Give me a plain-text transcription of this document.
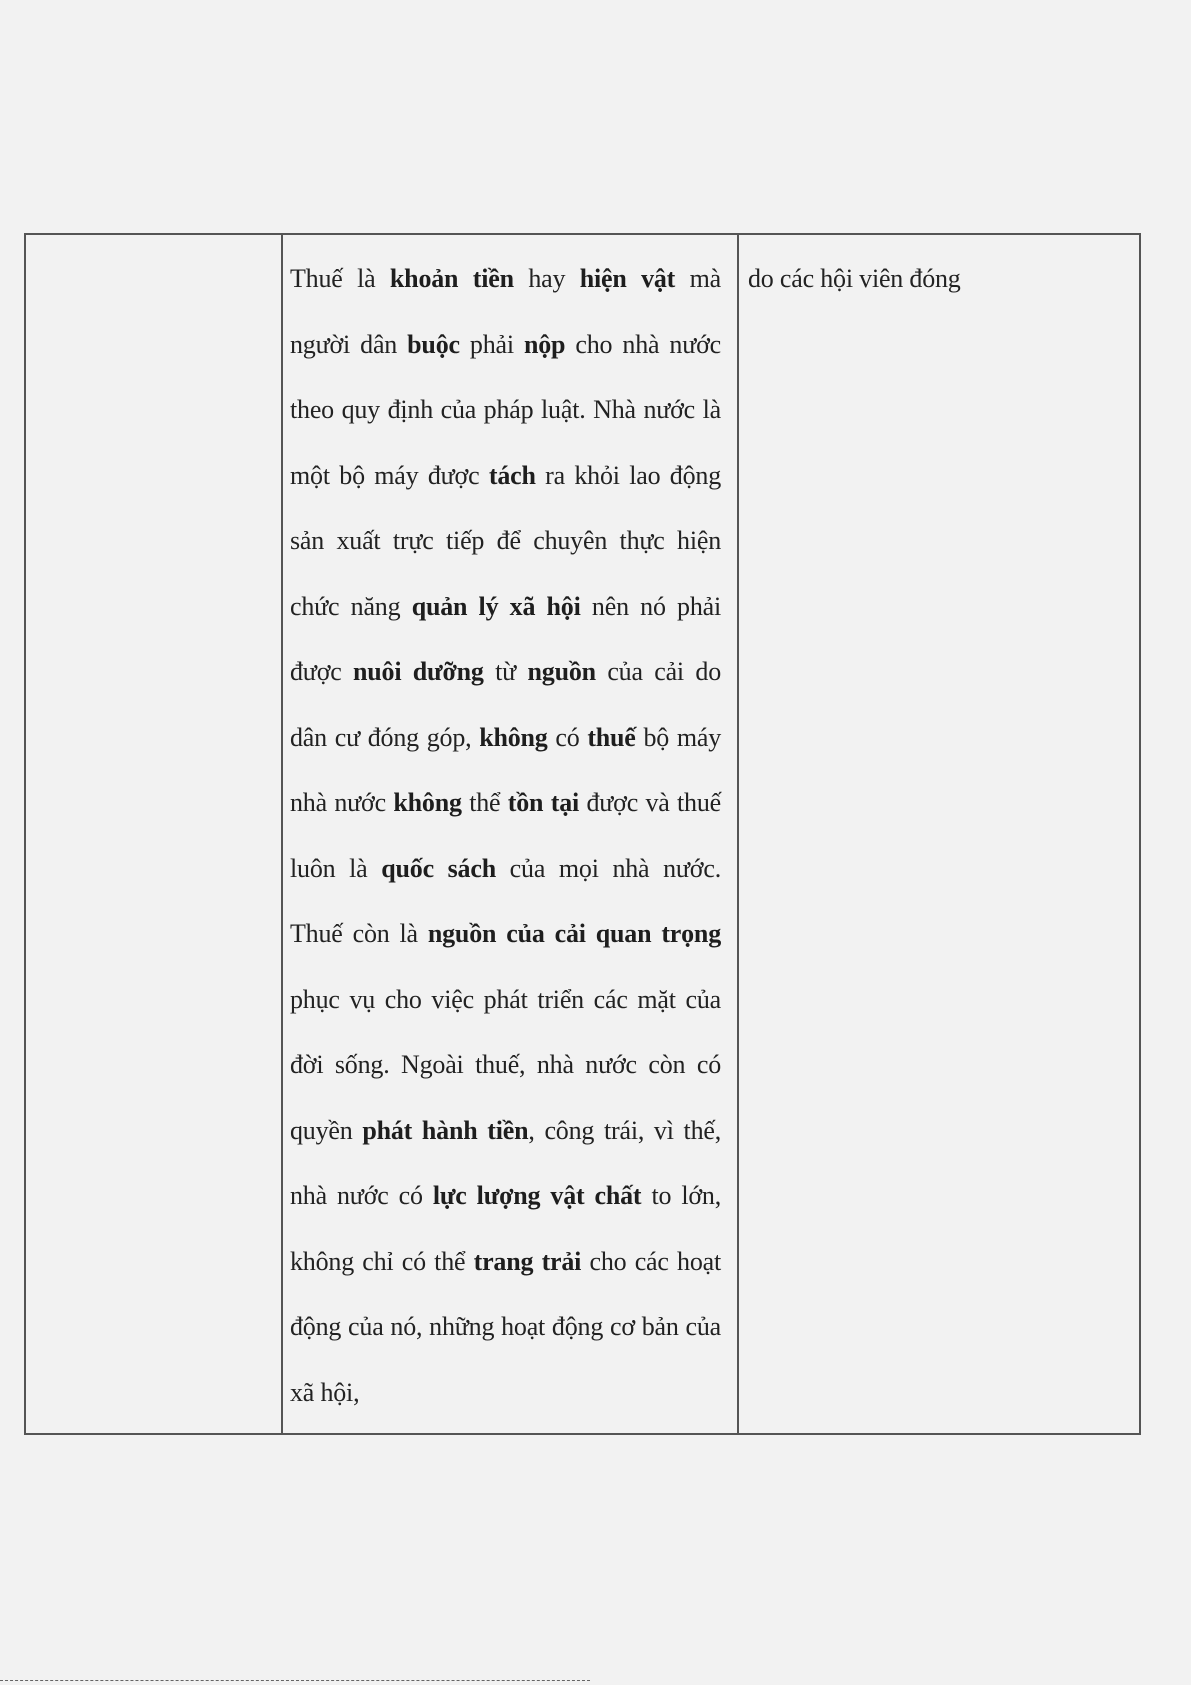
Thuế là khoản tiền hay hiện vật mà người dân buộc phải nộp cho nhà nước theo quy định của pháp luật. Nhà nước là một bộ máy được tách ra khỏi lao động sản xuất trực tiếp để chuyên thực hiện chức năng quản lý xã hội nên nó phải được nuôi dưỡng từ nguồn của cải do dân cư đóng góp, không có thuế bộ máy nhà nước không thể tồn tại được và thuế luôn là quốc sách của mọi nhà nước. Thuế còn là nguồn của cải quan trọng phục vụ cho việc phát triển các mặt của đời sống. Ngoài thuế, nhà nước còn có quyền phát hành tiền, công trái, vì thế, nhà nước có lực lượng vật chất to lớn, không chỉ có thể trang trải cho các hoạt động của nó, những hoạt động cơ bản của xã hội,

do các hội viên đóng
